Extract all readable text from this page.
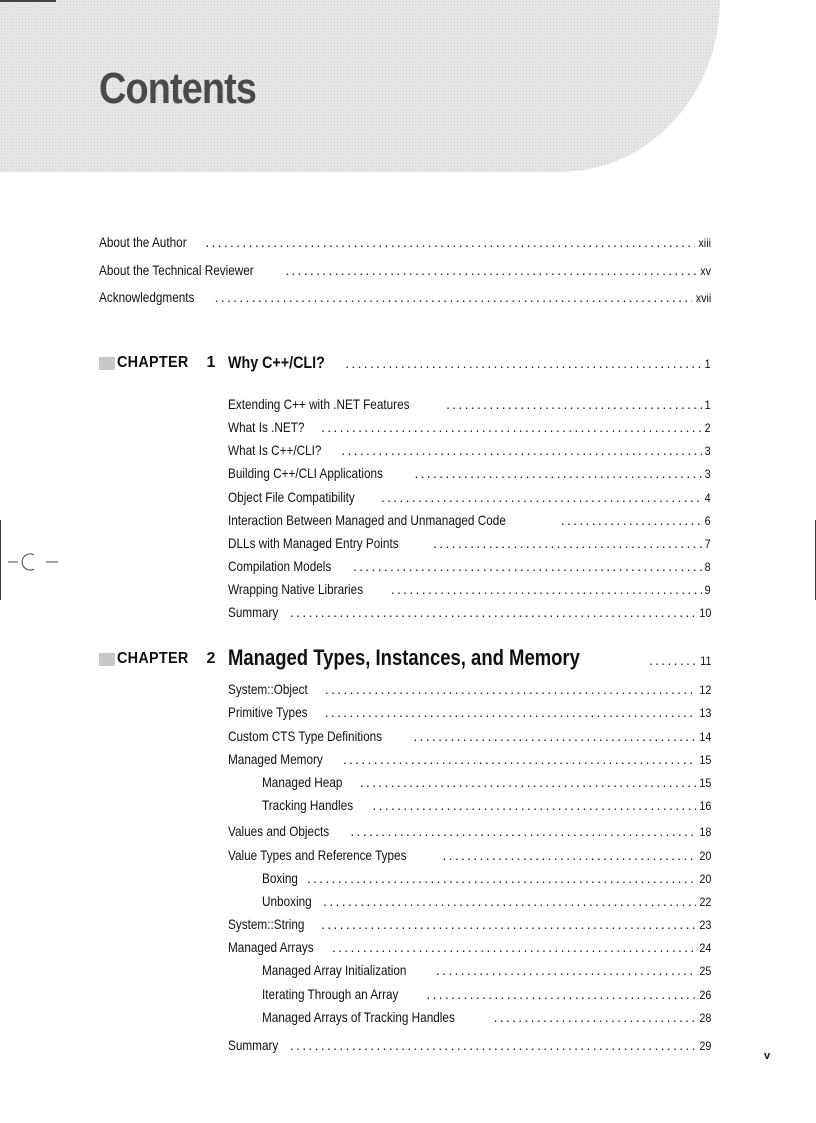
Contents
About the Author . . .	xiii
About the Technical Reviewer . . .	xv
Acknowledgments . . .	xvii
CHAPTER 1 Why C++/CLI? . . .	1
Extending C++ with .NET Features . . .	1
What Is .NET? . . .	2
What Is C++/CLI? . . .	3
Building C++/CLI Applications . . .	3
Object File Compatibility . . .	4
Interaction Between Managed and Unmanaged Code . . .	6
DLLs with Managed Entry Points . . .	7
Compilation Models . . .	8
Wrapping Native Libraries . . .	9
Summary . . .	10
CHAPTER 2 Managed Types, Instances, and Memory . . .	11
System::Object . . .	12
Primitive Types . . .	13
Custom CTS Type Definitions . . .	14
Managed Memory . . .	15
Managed Heap . . .	15
Tracking Handles . . .	16
Values and Objects . . .	18
Value Types and Reference Types . . .	20
Boxing . . .	20
Unboxing . . .	22
System::String . . .	23
Managed Arrays . . .	24
Managed Array Initialization . . .	25
Iterating Through an Array . . .	26
Managed Arrays of Tracking Handles . . .	28
Summary . . .	29
v
